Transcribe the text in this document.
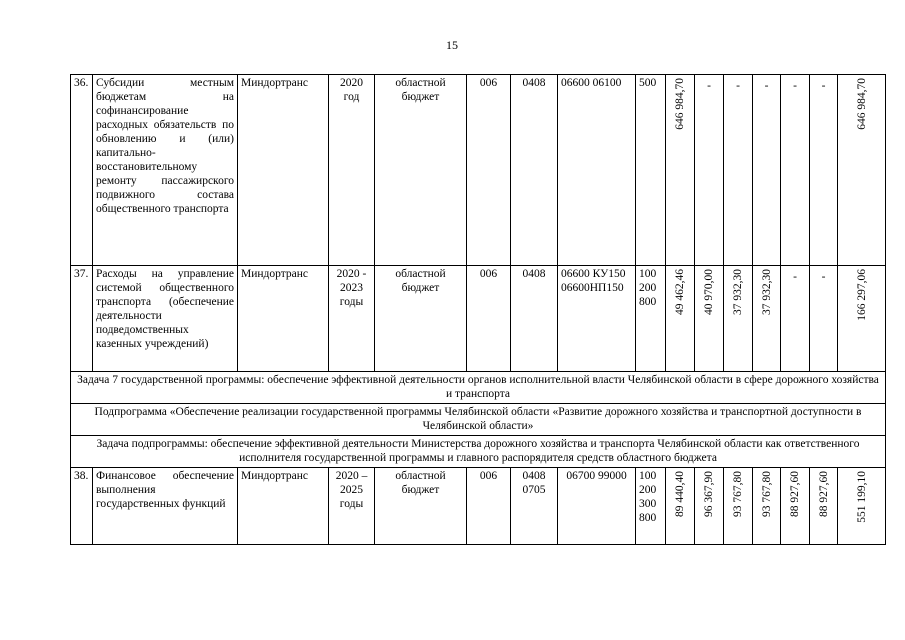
15
36.	Субсидии местным бюджетам на софинансирование расходных обязательств по обновлению и (или) капитально-восстановительному ремонту пассажирского подвижного состава общественного транспорта	Миндортранс	2020 год	областной бюджет	006	0408	06600 06100	500	646 984,70	-	-	-	-	-	646 984,70

37.	Расходы на управление системой общественного транспорта (обеспечение деятельности подведомственных казенных учреждений)	Миндортранс	2020 - 2023 годы	областной бюджет	006	0408	06600 КУ150 06600НП150	100 200 800	49 462,46	40 970,00	37 932,30	37 932,30	-	-	166 297,06

Задача 7 государственной программы: обеспечение эффективной деятельности органов исполнительной власти Челябинской области в сфере дорожного хозяйства и транспорта															
Подпрограмма «Обеспечение реализации государственной программы Челябинской области «Развитие дорожного хозяйства и транспортной доступности в Челябинской области»															
Задача подпрограммы: обеспечение эффективной деятельности Министерства дорожного хозяйства и транспорта Челябинской области как ответственного исполнителя государственной программы и главного распорядителя средств областного бюджета															
38.	Финансовое обеспечение выполнения государственных функций	Миндортранс	2020 – 2025 годы	областной бюджет	006	0408 0705	06700 99000	100 200 300 800	89 440,40	96 367,90	93 767,80	93 767,80	88 927,60	88 927,60	551 199,10
